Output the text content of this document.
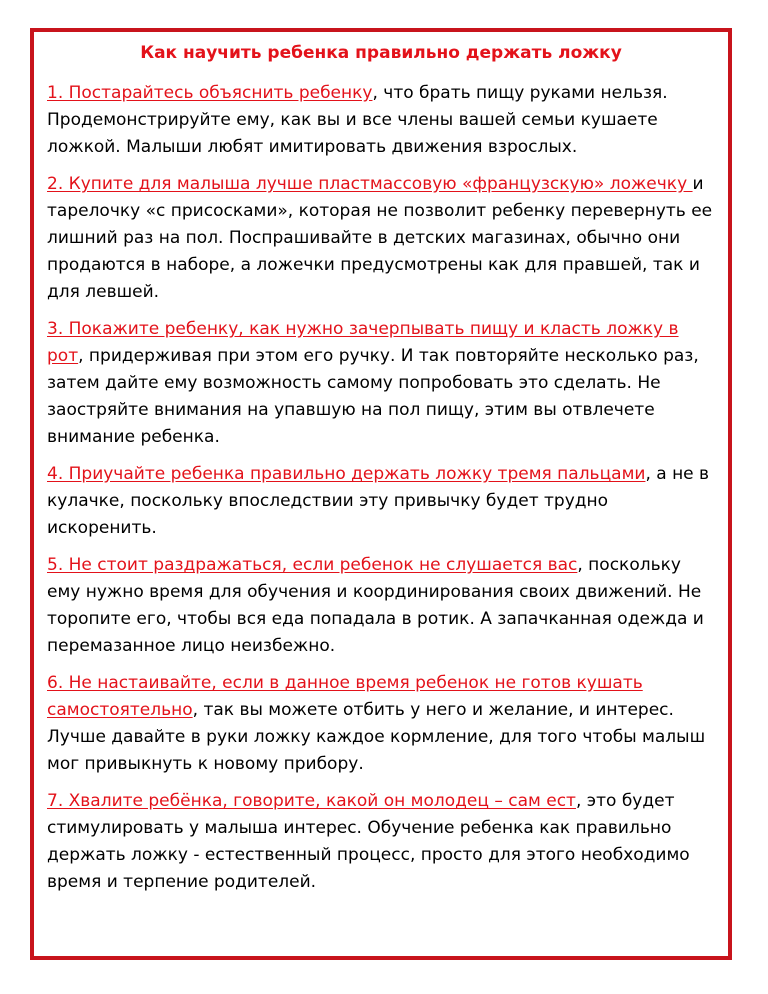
Как научить ребенка правильно держать ложку

1. Постарайтесь объяснить ребенку, что брать пищу руками нельзя. Продемонстрируйте ему, как вы и все члены вашей семьи кушаете ложкой. Малыши любят имитировать движения взрослых.

2. Купите для малыша лучше пластмассовую «французскую» ложечку и тарелочку «с присосками», которая не позволит ребенку перевернуть ее лишний раз на пол. Поспрашивайте в детских магазинах, обычно они продаются в наборе, а ложечки предусмотрены как для правшей, так и для левшей.

3. Покажите ребенку, как нужно зачерпывать пищу и класть ложку в рот, придерживая при этом его ручку. И так повторяйте несколько раз, затем дайте ему возможность самому попробовать это сделать. Не заостряйте внимания на упавшую на пол пищу, этим вы отвлечете внимание ребенка.

4. Приучайте ребенка правильно держать ложку тремя пальцами, а не в кулачке, поскольку впоследствии эту привычку будет трудно искоренить.

5. Не стоит раздражаться, если ребенок не слушается вас, поскольку ему нужно время для обучения и координирования своих движений. Не торопите его, чтобы вся еда попадала в ротик. А запачканная одежда и перемазанное лицо неизбежно.

6. Не настаивайте, если в данное время ребенок не готов кушать самостоятельно, так вы можете отбить у него и желание, и интерес. Лучше давайте в руки ложку каждое кормление, для того чтобы малыш мог привыкнуть к новому прибору.

7. Хвалите ребёнка, говорите, какой он молодец – сам ест, это будет стимулировать у малыша интерес. Обучение ребенка как правильно держать ложку - естественный процесс, просто для этого необходимо время и терпение родителей.
